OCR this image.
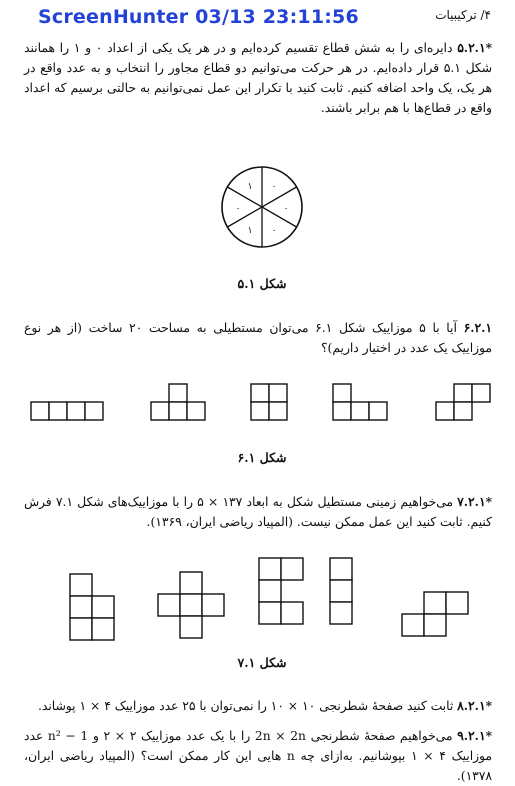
ScreenHunter 03/13 23:11:56	۴/ ترکیبیات
*۵.۲.۱ دایره‌ای را به شش قطاع تقسیم کرده‌ایم و در هر یک یکی از اعداد ۰ و ۱ را همانند شکل ۵.۱ قرار داده‌ایم. در هر حرکت می‌توانیم دو قطاع مجاور را انتخاب و به عدد واقع در هر یک، یک واحد اضافه کنیم. ثابت کنید با تکرار این عمل نمی‌توانیم به حالتی برسیم که اعداد واقع در قطاع‌ها با هم برابر باشند.
۱ ۰
۰	۰
۱ ۰
شکل ۵.۱
۶.۲.۱ آیا با ۵ موزاییک شکل ۶.۱ می‌توان مستطیلی به مساحت ۲۰ ساخت (از هر نوع موزاییک یک عدد در اختیار داریم)؟
شکل ۶.۱
*۷.۲.۱ می‌خواهیم زمینی مستطیل شکل به ابعاد ۱۳۷ × ۵ را با موزاییک‌های شکل ۷.۱ فرش کنیم. ثابت کنید این عمل ممکن نیست. (المپیاد ریاضی ایران، ۱۳۶۹).
شکل ۷.۱
*۸.۲.۱ ثابت کنید صفحهٔ شطرنجی ۱۰ × ۱۰ را نمی‌توان با ۲۵ عدد موزاییک ۴ × ۱ پوشاند.
*۹.۲.۱ می‌خواهیم صفحهٔ شطرنجی 2n × 2n را با یک عدد موزاییک ۲ × ۲ و 1 − n² عدد موزاییک ۴ × ۱ بپوشانیم. به‌ازای چه n هایی این کار ممکن است؟ (المپیاد ریاضی ایران، ۱۳۷۸).
